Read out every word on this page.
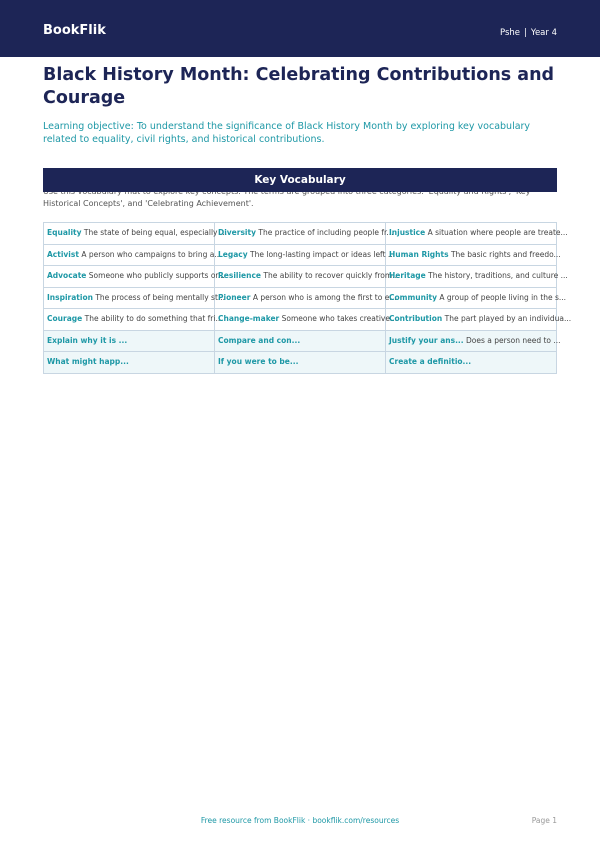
BookFlik	Pshe | Year 4
Black History Month: Celebrating Contributions and Courage

Learning objective: To understand the significance of Black History Month by exploring key vocabulary related to equality, civil rights, and historical contributions.

Historical Concepts', and 'Celebrating Achievement'.

Key Vocabulary
Equality The state of being equal, especially ...	Diversity The practice of including people fr...	Injustice A situation where people are treate...
Activist A person who campaigns to bring a...	Legacy The long-lasting impact or ideas left ...	Human Rights The basic rights and freedo...
Advocate Someone who publicly supports or...	Resilience The ability to recover quickly from...	Heritage The history, traditions, and culture ...
Inspiration The process of being mentally st...	Pioneer A person who is among the first to e...	Community A group of people living in the s...
Courage The ability to do something that fri...	Change-maker Someone who takes creative...	Contribution The part played by an individua...
Explain why it is ...	Compare and con...	Justify your ans... Does a person need to ...
What might happ...	If you were to be...	Create a definitio...
Free resource from BookFlik · bookflik.com/resources	Page 1
